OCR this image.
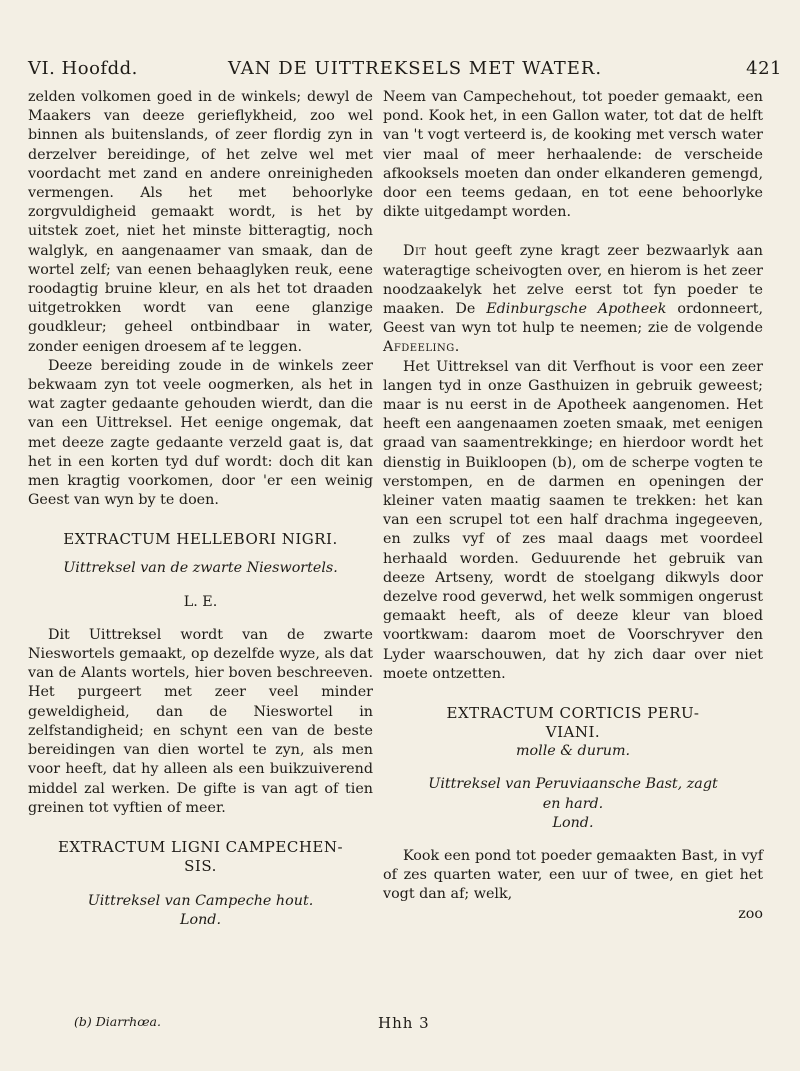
VI. Hoofdd.	VAN DE UITTREKSELS MET WATER.	421

zelden volkomen goed in de winkels; dewyl de Maakers van deeze gerieflykheid, zoo wel binnen als buitenslands, of zeer flordig zyn in derzelver bereidinge, of het zelve wel met voordacht met zand en andere onreinigheden vermengen. Als het met behoorlyke zorgvuldigheid gemaakt wordt, is het by uitstek zoet, niet het minste bitteragtig, noch walglyk, en aangenaamer van smaak, dan de wortel zelf; van eenen behaaglyken reuk, eene roodagtig bruine kleur, en als het tot draaden uitgetrokken wordt van eene glanzige goudkleur; geheel ontbindbaar in water, zonder eenigen droesem af te leggen.

Deeze bereiding zoude in de winkels zeer bekwaam zyn tot veele oogmerken, als het in wat zagter gedaante gehouden wierdt, dan die van een Uittreksel. Het eenige ongemak, dat met deeze zagte gedaante verzeld gaat is, dat het in een korten tyd duf wordt: doch dit kan men kragtig voorkomen, door 'er een weinig Geest van wyn by te doen.

EXTRACTUM HELLEBORI NIGRI.
Uittreksel van de zwarte Nieswortels.
L. E.

Dit Uittreksel wordt van de zwarte Nieswortels gemaakt, op dezelfde wyze, als dat van de Alants wortels, hier boven beschreeven. Het purgeert met zeer veel minder geweldigheid, dan de Nieswortel in zelfstandigheid; en schynt een van de beste bereidingen van dien wortel te zyn, als men voor heeft, dat hy alleen als een buikzuiverend middel zal werken. De gifte is van agt of tien greinen tot vyftien of meer.

EXTRACTUM LIGNI CAMPECHEN-
SIS.
Uittreksel van Campeche hout.
Lond.

Neem van Campechehout, tot poeder gemaakt, een pond. Kook het, in een Gallon water, tot dat de helft van 't vogt verteerd is, de kooking met versch water vier maal of meer herhaalende: de verscheide afkooksels moeten dan onder elkanderen gemengd, door een teems gedaan, en tot eene behoorlyke dikte uitgedampt worden.

Dit hout geeft zyne kragt zeer bezwaarlyk aan wateragtige scheivogten over, en hierom is het zeer noodzaakelyk het zelve eerst tot fyn poeder te maaken. De Edinburgsche Apotheek ordonneert, Geest van wyn tot hulp te neemen; zie de volgende Afdeeling.

Het Uittreksel van dit Verfhout is voor een zeer langen tyd in onze Gasthuizen in gebruik geweest; maar is nu eerst in de Apotheek aangenomen. Het heeft een aangenaamen zoeten smaak, met eenigen graad van saamentrekkinge; en hierdoor wordt het dienstig in Buikloopen (b), om de scherpe vogten te verstompen, en de darmen en openingen der kleiner vaten maatig saamen te trekken: het kan van een scrupel tot een half drachma ingegeeven, en zulks vyf of zes maal daags met voordeel herhaald worden. Geduurende het gebruik van deeze Artseny, wordt de stoelgang dikwyls door dezelve rood geverwd, het welk sommigen ongerust gemaakt heeft, als of deeze kleur van bloed voortkwam: daarom moet de Voorschryver den Lyder waarschouwen, dat hy zich daar over niet moete ontzetten.

EXTRACTUM CORTICIS PERU-
VIANI.
molle & durum.
Uittreksel van Peruviaansche Bast, zagt
en hard.
Lond.

Kook een pond tot poeder gemaakten Bast, in vyf of zes quarten water, een uur of twee, en giet het vogt dan af; welk,

zoo
(b) Diarrhœa.	Hhh 3
